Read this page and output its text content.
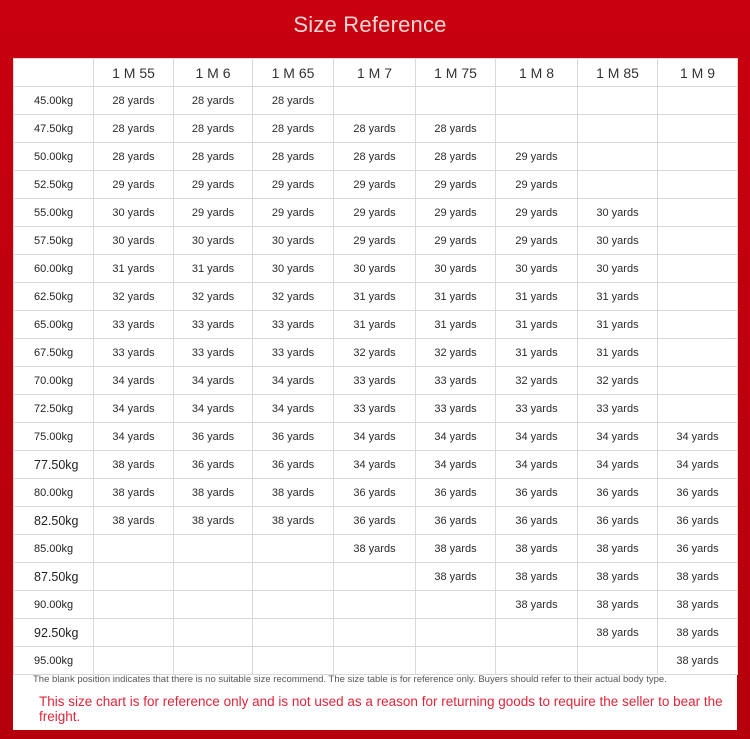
Size Reference
	1 M 55	1 M 6	1 M 65	1 M 7	1 M 75	1 M 8	1 M 85	1 M 9
45.00kg	28 yards	28 yards	28 yards					
47.50kg	28 yards	28 yards	28 yards	28 yards	28 yards			
50.00kg	28 yards	28 yards	28 yards	28 yards	28 yards	29 yards		
52.50kg	29 yards	29 yards	29 yards	29 yards	29 yards	29 yards		
55.00kg	30 yards	29 yards	29 yards	29 yards	29 yards	29 yards	30 yards	
57.50kg	30 yards	30 yards	30 yards	29 yards	29 yards	29 yards	30 yards	
60.00kg	31 yards	31 yards	30 yards	30 yards	30 yards	30 yards	30 yards	
62.50kg	32 yards	32 yards	32 yards	31 yards	31 yards	31 yards	31 yards	
65.00kg	33 yards	33 yards	33 yards	31 yards	31 yards	31 yards	31 yards	
67.50kg	33 yards	33 yards	33 yards	32 yards	32 yards	31 yards	31 yards	
70.00kg	34 yards	34 yards	34 yards	33 yards	33 yards	32 yards	32 yards	
72.50kg	34 yards	34 yards	34 yards	33 yards	33 yards	33 yards	33 yards	
75.00kg	34 yards	36 yards	36 yards	34 yards	34 yards	34 yards	34 yards	34 yards
77.50kg	38 yards	36 yards	36 yards	34 yards	34 yards	34 yards	34 yards	34 yards
80.00kg	38 yards	38 yards	38 yards	36 yards	36 yards	36 yards	36 yards	36 yards
82.50kg	38 yards	38 yards	38 yards	36 yards	36 yards	36 yards	36 yards	36 yards
85.00kg				38 yards	38 yards	38 yards	38 yards	36 yards
87.50kg					38 yards	38 yards	38 yards	38 yards
90.00kg						38 yards	38 yards	38 yards
92.50kg							38 yards	38 yards
95.00kg								38 yards
The blank position indicates that there is no suitable size recommend. The size table is for reference only. Buyers should refer to their actual body type.
This size chart is for reference only and is not used as a reason for returning goods to require the seller to bear the freight.
